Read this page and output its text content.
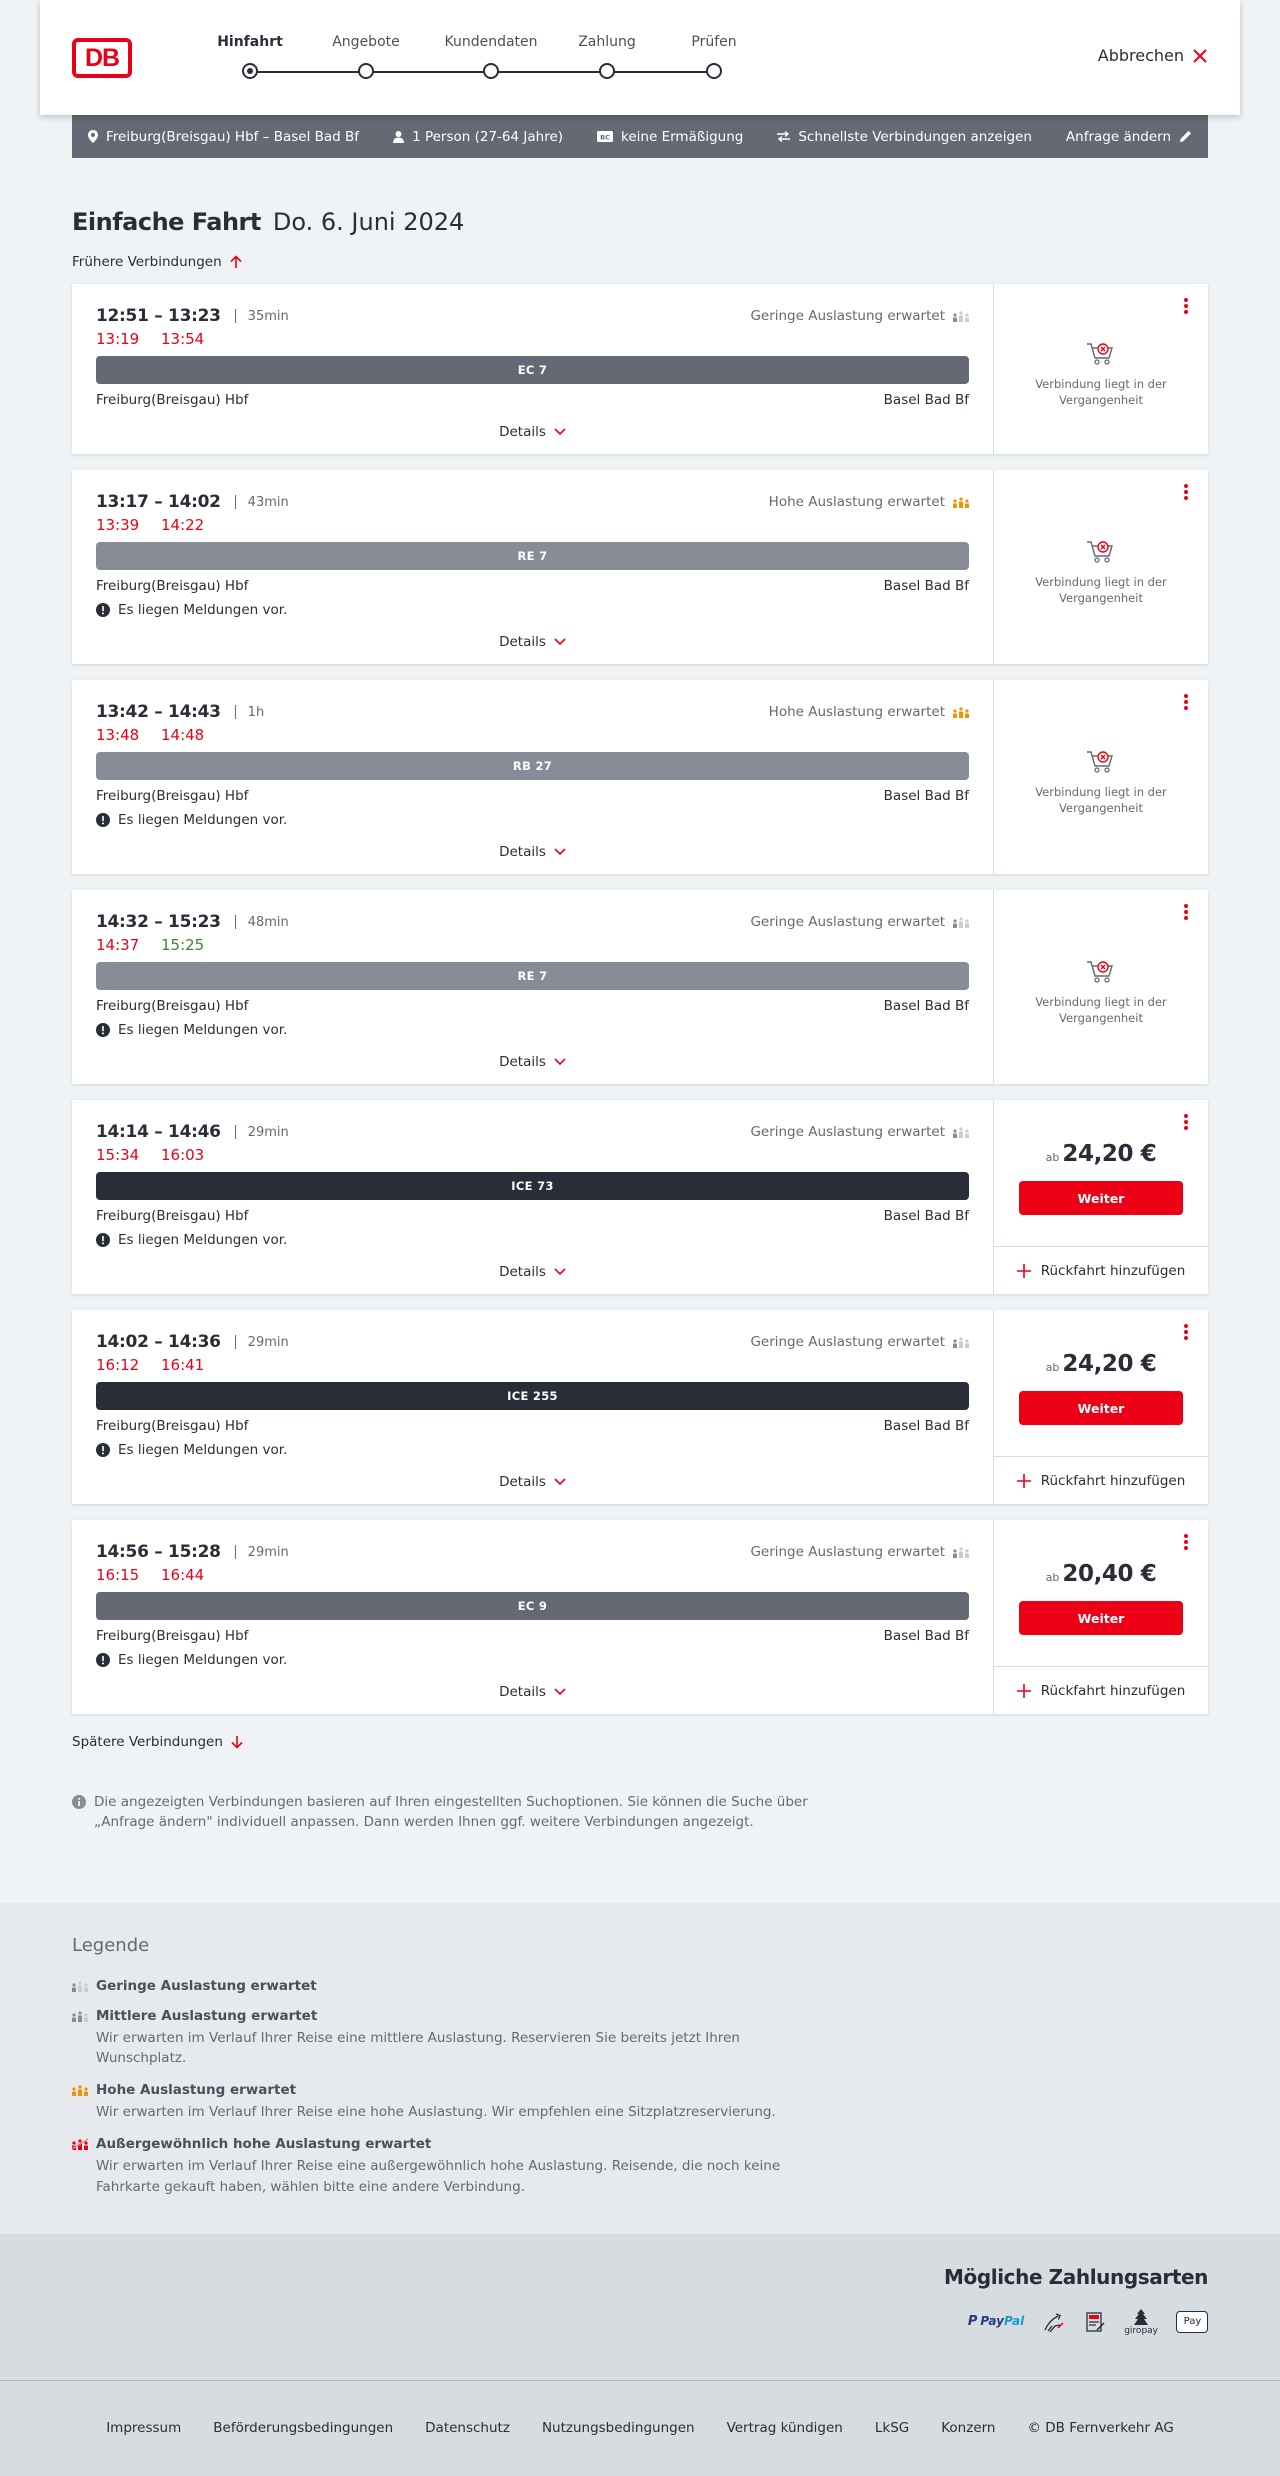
DB
Hinfahrt	Angebote	Kundendaten	Zahlung	Prüfen
Abbrechen
Freiburg(Breisgau) Hbf – Basel Bad Bf	1 Person (27-64 Jahre)	BC keine Ermäßigung	Schnellste Verbindungen anzeigen	Anfrage ändern
Einfache Fahrt Do. 6. Juni 2024
Frühere Verbindungen
12:51 – 13:23 35min	Geringe Auslastung erwartet
13:19	13:54
EC 7
Freiburg(Breisgau) Hbf	Basel Bad Bf
Details
Verbindung liegt in der Vergangenheit
13:17 – 14:02 43min	Hohe Auslastung erwartet
13:39	14:22
RE 7
Freiburg(Breisgau) Hbf	Basel Bad Bf
Es liegen Meldungen vor.
Details
Verbindung liegt in der Vergangenheit
13:42 – 14:43 1h	Hohe Auslastung erwartet
13:48	14:48
RB 27
Freiburg(Breisgau) Hbf	Basel Bad Bf
Es liegen Meldungen vor.
Details
Verbindung liegt in der Vergangenheit
14:32 – 15:23 48min	Geringe Auslastung erwartet
14:37	15:25
RE 7
Freiburg(Breisgau) Hbf	Basel Bad Bf
Es liegen Meldungen vor.
Details
Verbindung liegt in der Vergangenheit
14:14 – 14:46 29min	Geringe Auslastung erwartet
15:34	16:03
ICE 73
Freiburg(Breisgau) Hbf	Basel Bad Bf
Es liegen Meldungen vor.
Details
ab 24,20 €
Weiter
Rückfahrt hinzufügen
14:02 – 14:36 29min	Geringe Auslastung erwartet
16:12	16:41
ICE 255
Freiburg(Breisgau) Hbf	Basel Bad Bf
Es liegen Meldungen vor.
Details
ab 24,20 €
Weiter
Rückfahrt hinzufügen
14:56 – 15:28 29min	Geringe Auslastung erwartet
16:15	16:44
EC 9
Freiburg(Breisgau) Hbf	Basel Bad Bf
Es liegen Meldungen vor.
Details
ab 20,40 €
Weiter
Rückfahrt hinzufügen
Spätere Verbindungen
Die angezeigten Verbindungen basieren auf Ihren eingestellten Suchoptionen. Sie können die Suche über „Anfrage ändern" individuell anpassen. Dann werden Ihnen ggf. weitere Verbindungen angezeigt.
Legende
Geringe Auslastung erwartet
Mittlere Auslastung erwartet
Wir erwarten im Verlauf Ihrer Reise eine mittlere Auslastung. Reservieren Sie bereits jetzt Ihren Wunschplatz.
Hohe Auslastung erwartet
Wir erwarten im Verlauf Ihrer Reise eine hohe Auslastung. Wir empfehlen eine Sitzplatzreservierung.
Außergewöhnlich hohe Auslastung erwartet
Wir erwarten im Verlauf Ihrer Reise eine außergewöhnlich hohe Auslastung. Reisende, die noch keine Fahrkarte gekauft haben, wählen bitte eine andere Verbindung.
Mögliche Zahlungsarten
P PayPal
giropay
Pay
Impressum Beförderungsbedingungen Datenschutz Nutzungsbedingungen Vertrag kündigen LkSG Konzern © DB Fernverkehr AG
